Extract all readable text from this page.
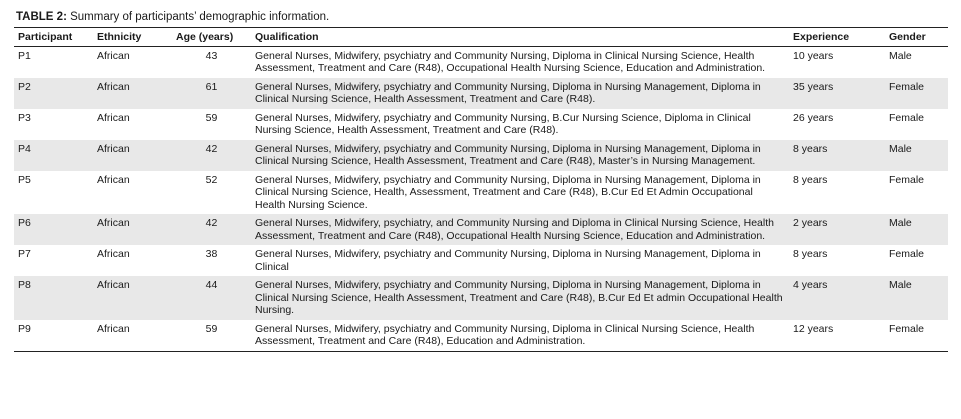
TABLE 2: Summary of participants’ demographic information.
Participant	Ethnicity	Age (years)	Qualification	Experience	Gender
P1	African	43	General Nurses, Midwifery, psychiatry and Community Nursing, Diploma in Clinical Nursing Science, Health Assessment, Treatment and Care (R48), Occupational Health Nursing Science, Education and Administration.	10 years	Male
P2	African	61	General Nurses, Midwifery, psychiatry and Community Nursing, Diploma in Nursing Management, Diploma in Clinical Nursing Science, Health Assessment, Treatment and Care (R48).	35 years	Female
P3	African	59	General Nurses, Midwifery, psychiatry and Community Nursing, B.Cur Nursing Science, Diploma in Clinical Nursing Science, Health Assessment, Treatment and Care (R48).	26 years	Female
P4	African	42	General Nurses, Midwifery, psychiatry and Community Nursing, Diploma in Nursing Management, Diploma in Clinical Nursing Science, Health Assessment, Treatment and Care (R48), Master’s in Nursing Management.	8 years	Male
P5	African	52	General Nurses, Midwifery, psychiatry and Community Nursing, Diploma in Nursing Management, Diploma in Clinical Nursing Science, Health, Assessment, Treatment and Care (R48), B.Cur Ed Et Admin Occupational Health Nursing Science.	8 years	Female
P6	African	42	General Nurses, Midwifery, psychiatry, and Community Nursing and Diploma in Clinical Nursing Science, Health Assessment, Treatment and Care (R48), Occupational Health Nursing Science, Education and Administration.	2 years	Male
P7	African	38	General Nurses, Midwifery, psychiatry and Community Nursing, Diploma in Nursing Management, Diploma in Clinical	8 years	Female
P8	African	44	General Nurses, Midwifery, psychiatry and Community Nursing, Diploma in Nursing Management, Diploma in Clinical Nursing Science, Health Assessment, Treatment and Care (R48), B.Cur Ed Et admin Occupational Health Nursing.	4 years	Male
P9	African	59	General Nurses, Midwifery, psychiatry and Community Nursing, Diploma in Clinical Nursing Science, Health Assessment, Treatment and Care (R48), Education and Administration.	12 years	Female
